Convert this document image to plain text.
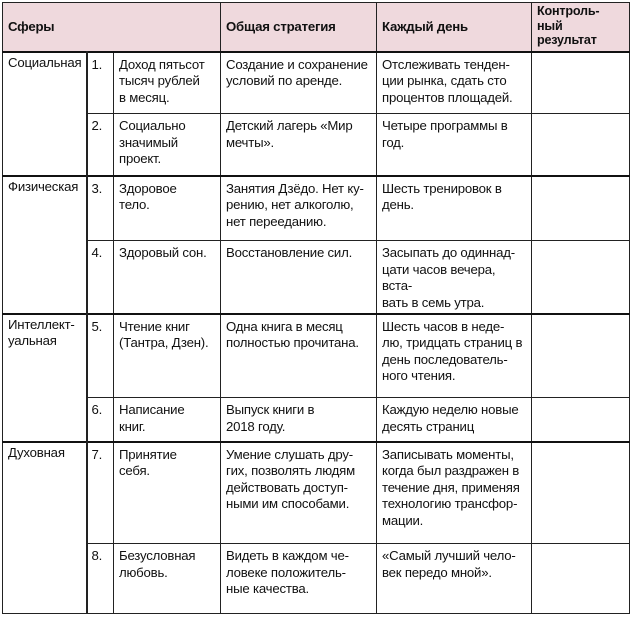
Сферы			Общая стратегия	Каждый день	Контроль-
ный
результат
Социальная	1.	Доход пятьсот
тысяч рублей
в месяц.	Создание и сохранение
условий по аренде.	Отслеживать тенден-
ции рынка, сдать сто
процентов площадей.	
	2.	Социально
значимый
проект.	Детский лагерь «Мир
мечты».	Четыре программы в
год.	
Физическая	3.	Здоровое
тело.	Занятия Дзёдо. Нет ку-
рению, нет алкоголю,
нет перееданию.	Шесть тренировок в
день.	
	4.	Здоровый сон.	Восстановление сил.	Засыпать до одиннад-
цати часов вечера, вста-
вать в семь утра.	
Интеллект-
уальная	5.	Чтение книг
(Тантра, Дзен).	Одна книга в месяц
полностью прочитана.	Шесть часов в неде-
лю, тридцать страниц в
день последователь-
ного чтения.	
	6.	Написание
книг.	Выпуск книги в
2018 году.	Каждую неделю новые
десять страниц	
Духовная	7.	Принятие
себя.	Умение слушать дру-
гих, позволять людям
действовать доступ-
ными им способами.	Записывать моменты,
когда был раздражен в
течение дня, применяя
технологию трансфор-
мации.	
	8.	Безусловная
любовь.	Видеть в каждом че-
ловеке положитель-
ные качества.	«Самый лучший чело-
век передо мной».	
